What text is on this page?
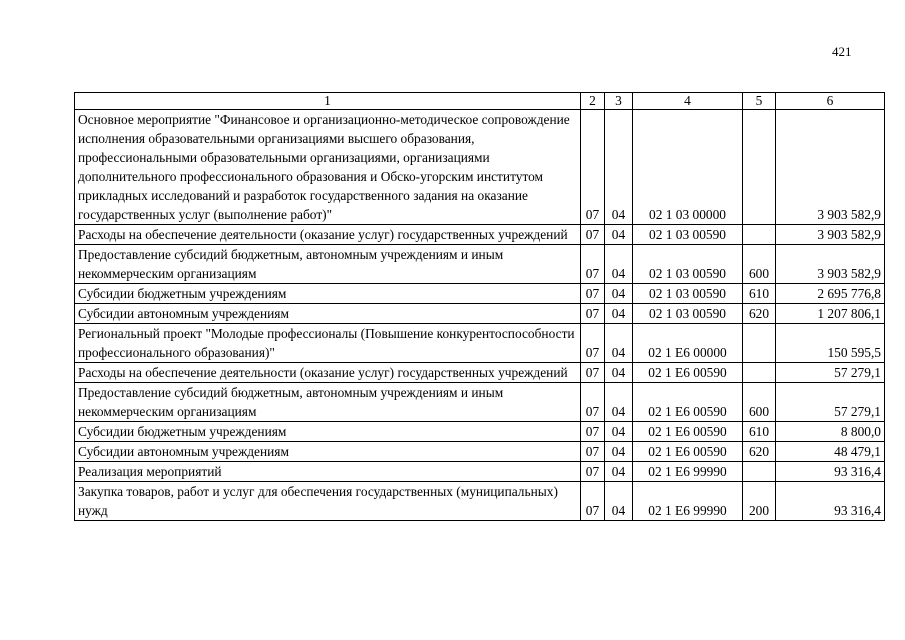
421
1	2	3	4	5	6
Основное мероприятие "Финансовое и организационно-методическое сопровождение исполнения образовательными организациями высшего образования, профессиональными образовательными организациями, организациями дополнительного профессионального образования и Обско-угорским институтом прикладных исследований и разработок государственного задания на оказание государственных услуг (выполнение работ)"	07	04	02 1 03 00000		3 903 582,9
Расходы на обеспечение деятельности (оказание услуг) государственных учреждений	07	04	02 1 03 00590		3 903 582,9
Предоставление субсидий бюджетным, автономным учреждениям и иным некоммерческим организациям	07	04	02 1 03 00590	600	3 903 582,9
Субсидии бюджетным учреждениям	07	04	02 1 03 00590	610	2 695 776,8
Субсидии автономным учреждениям	07	04	02 1 03 00590	620	1 207 806,1
Региональный проект "Молодые профессионалы (Повышение конкурентоспособности профессионального образования)"	07	04	02 1 E6 00000		150 595,5
Расходы на обеспечение деятельности (оказание услуг) государственных учреждений	07	04	02 1 E6 00590		57 279,1
Предоставление субсидий бюджетным, автономным учреждениям и иным некоммерческим организациям	07	04	02 1 E6 00590	600	57 279,1
Субсидии бюджетным учреждениям	07	04	02 1 E6 00590	610	8 800,0
Субсидии автономным учреждениям	07	04	02 1 E6 00590	620	48 479,1
Реализация мероприятий	07	04	02 1 E6 99990		93 316,4
Закупка товаров, работ и услуг для обеспечения государственных (муниципальных) нужд	07	04	02 1 E6 99990	200	93 316,4
